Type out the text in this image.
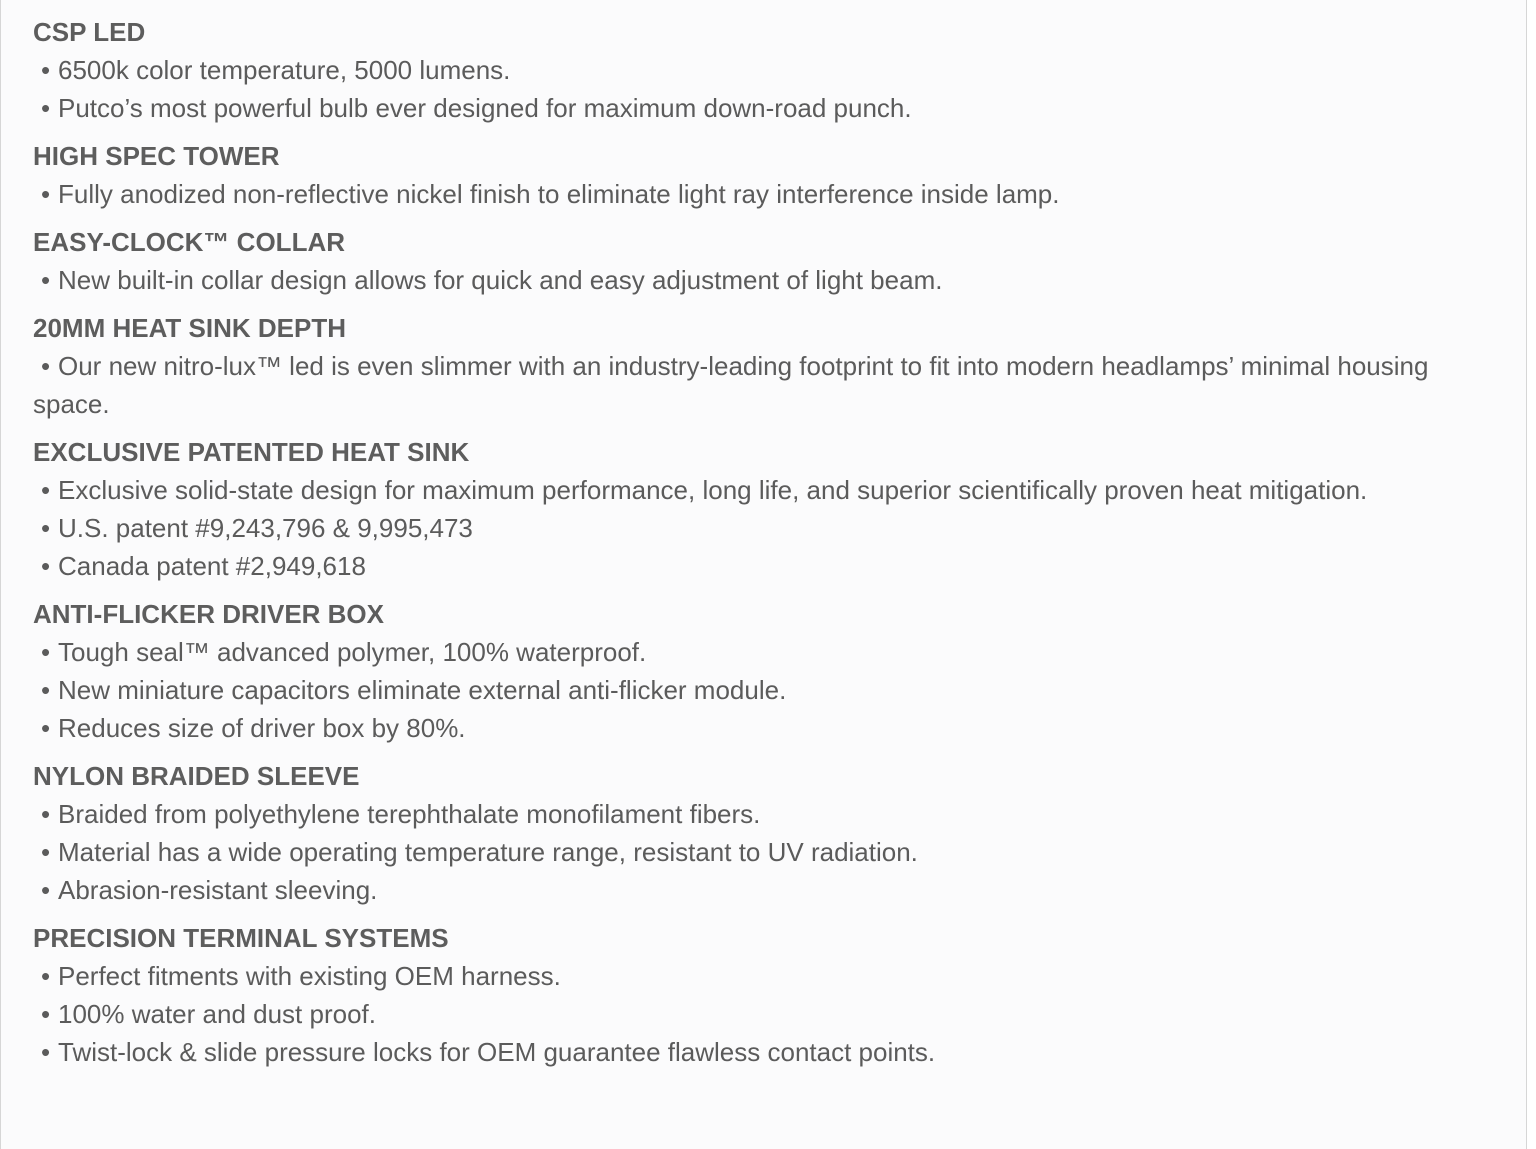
CSP LED
• 6500k color temperature, 5000 lumens.
• Putco’s most powerful bulb ever designed for maximum down-road punch.
HIGH SPEC TOWER
• Fully anodized non-reflective nickel finish to eliminate light ray interference inside lamp.
EASY-CLOCK™ COLLAR
• New built-in collar design allows for quick and easy adjustment of light beam.
20MM HEAT SINK DEPTH
• Our new nitro-lux™ led is even slimmer with an industry-leading footprint to fit into modern headlamps’ minimal housing space.
EXCLUSIVE PATENTED HEAT SINK
• Exclusive solid-state design for maximum performance, long life, and superior scientifically proven heat mitigation.
• U.S. patent #9,243,796 & 9,995,473
• Canada patent #2,949,618
ANTI-FLICKER DRIVER BOX
• Tough seal™ advanced polymer, 100% waterproof.
• New miniature capacitors eliminate external anti-flicker module.
• Reduces size of driver box by 80%.
NYLON BRAIDED SLEEVE
• Braided from polyethylene terephthalate monofilament fibers.
• Material has a wide operating temperature range, resistant to UV radiation.
• Abrasion-resistant sleeving.
PRECISION TERMINAL SYSTEMS
• Perfect fitments with existing OEM harness.
• 100% water and dust proof.
• Twist-lock & slide pressure locks for OEM guarantee flawless contact points.
